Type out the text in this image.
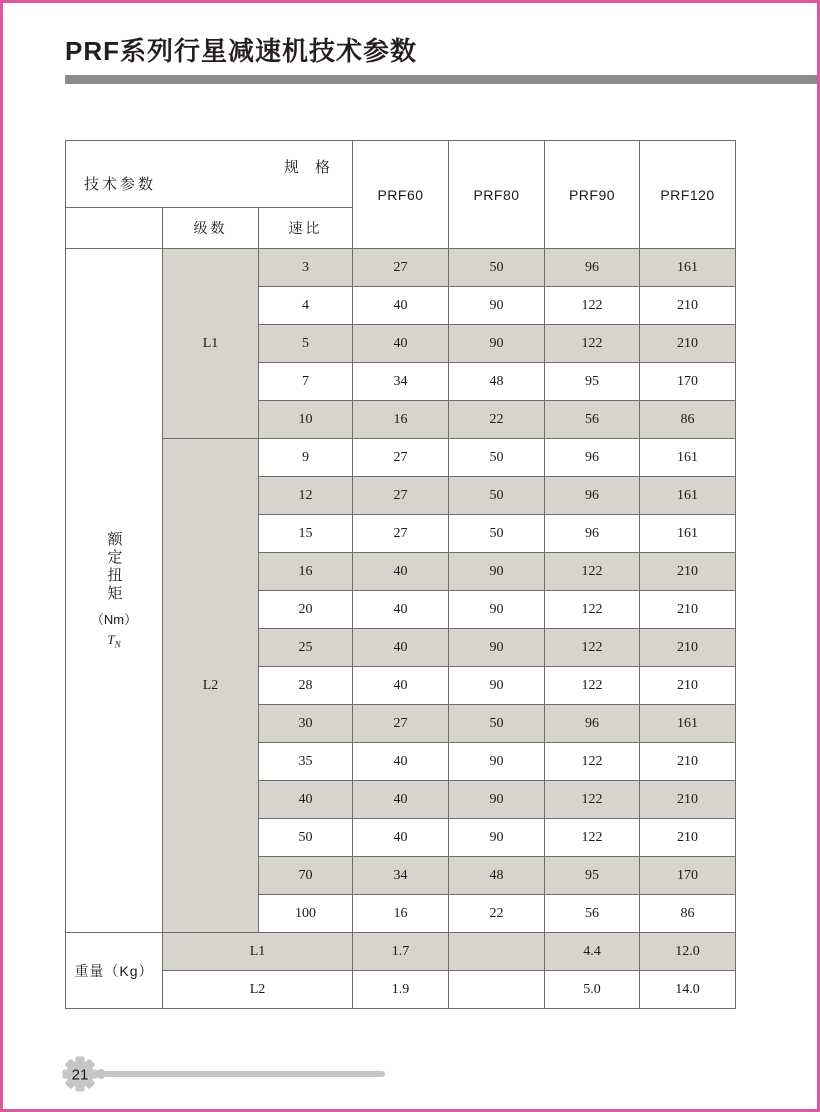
PRF系列行星减速机技术参数
规 格
技术参数			PRF60	PRF80	PRF90	PRF120
	级数	速比				

额定扭矩
（Nm）
$T_N$	L1	3	27	50	96	161
		4	40	90	122	210
		5	40	90	122	210
		7	34	48	95	170
		10	16	22	56	86
	L2	9	27	50	96	161
		12	27	50	96	161
		15	27	50	96	161
		16	40	90	122	210
		20	40	90	122	210
		25	40	90	122	210
		28	40	90	122	210
		30	27	50	96	161
		35	40	90	122	210
		40	40	90	122	210
		50	40	90	122	210
		70	34	48	95	170
		100	16	22	56	86
重量（Kg）	L1		1.7		4.4	12.0
	L2		1.9		5.0	14.0
21
